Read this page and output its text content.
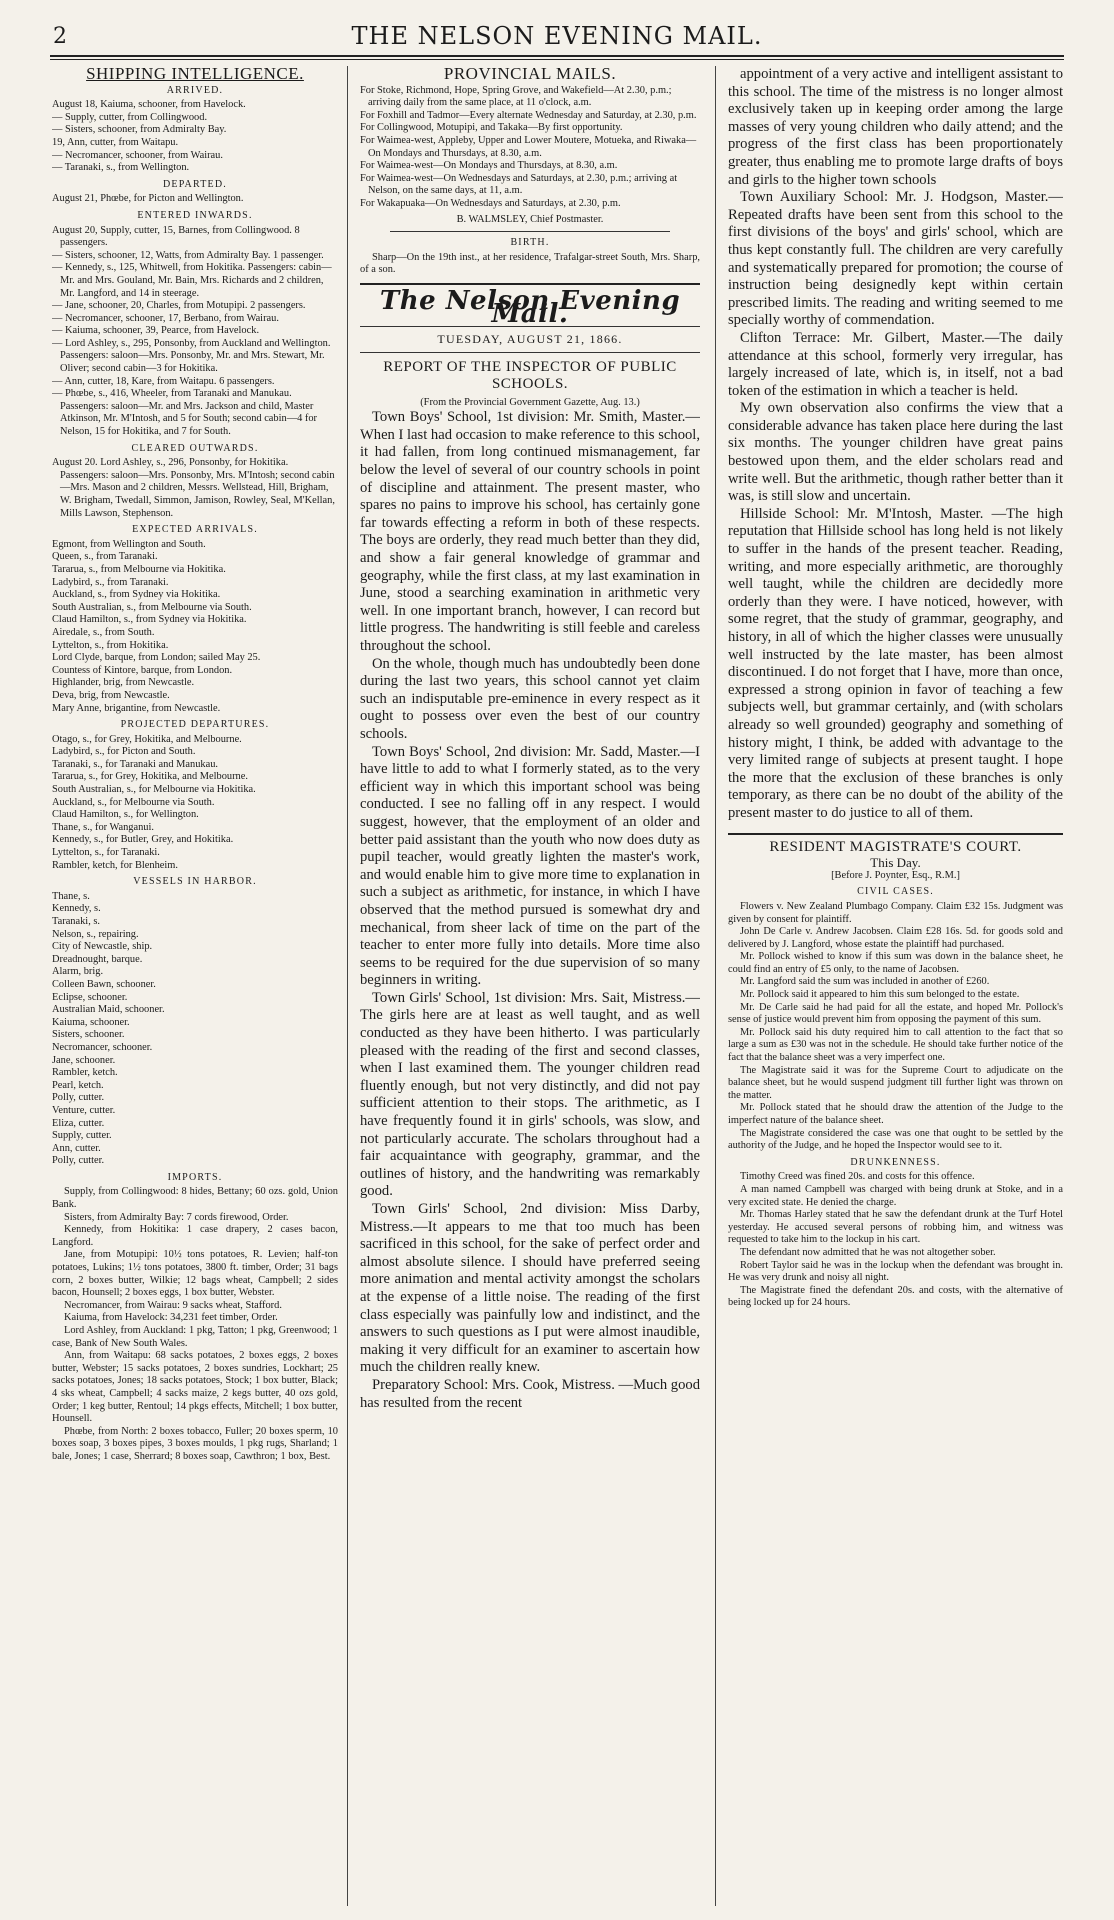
2	THE NELSON EVENING MAIL.
SHIPPING INTELLIGENCE.
ARRIVED.

August 18, Kaiuma, schooner, from Havelock.

— Supply, cutter, from Collingwood.

— Sisters, schooner, from Admiralty Bay.

19, Ann, cutter, from Waitapu.

— Necromancer, schooner, from Wairau.

— Taranaki, s., from Wellington.

DEPARTED.

August 21, Phœbe, for Picton and Wellington.

ENTERED INWARDS.

August 20, Supply, cutter, 15, Barnes, from Collingwood. 8 passengers.

— Sisters, schooner, 12, Watts, from Admiralty Bay. 1 passenger.

— Kennedy, s., 125, Whitwell, from Hokitika. Passengers: cabin—Mr. and Mrs. Gouland, Mr. Bain, Mrs. Richards and 2 children, Mr. Langford, and 14 in steerage.

— Jane, schooner, 20, Charles, from Motupipi. 2 passengers.

— Necromancer, schooner, 17, Berbano, from Wairau.

— Kaiuma, schooner, 39, Pearce, from Havelock.

— Lord Ashley, s., 295, Ponsonby, from Auckland and Wellington. Passengers: saloon—Mrs. Ponsonby, Mr. and Mrs. Stewart, Mr. Oliver; second cabin—3 for Hokitika.

— Ann, cutter, 18, Kare, from Waitapu. 6 passengers.

— Phœbe, s., 416, Wheeler, from Taranaki and Manukau. Passengers: saloon—Mr. and Mrs. Jackson and child, Master Atkinson, Mr. M'Intosh, and 5 for South; second cabin—4 for Nelson, 15 for Hokitika, and 7 for South.

CLEARED OUTWARDS.

August 20. Lord Ashley, s., 296, Ponsonby, for Hokitika. Passengers: saloon—Mrs. Ponsonby, Mrs. M'Intosh; second cabin—Mrs. Mason and 2 children, Messrs. Wellstead, Hill, Brigham, W. Brigham, Twedall, Simmon, Jamison, Rowley, Seal, M'Kellan, Mills Lawson, Stephenson.

EXPECTED ARRIVALS.

Egmont, from Wellington and South.

Queen, s., from Taranaki.

Tararua, s., from Melbourne via Hokitika.

Ladybird, s., from Taranaki.

Auckland, s., from Sydney via Hokitika.

South Australian, s., from Melbourne via South.

Claud Hamilton, s., from Sydney via Hokitika.

Airedale, s., from South.

Lyttelton, s., from Hokitika.

Lord Clyde, barque, from London; sailed May 25.

Countess of Kintore, barque, from London.

Highlander, brig, from Newcastle.

Deva, brig, from Newcastle.

Mary Anne, brigantine, from Newcastle.

PROJECTED DEPARTURES.

Otago, s., for Grey, Hokitika, and Melbourne.

Ladybird, s., for Picton and South.

Taranaki, s., for Taranaki and Manukau.

Tararua, s., for Grey, Hokitika, and Melbourne.

South Australian, s., for Melbourne via Hokitika.

Auckland, s., for Melbourne via South.

Claud Hamilton, s., for Wellington.

Thane, s., for Wanganui.

Kennedy, s., for Butler, Grey, and Hokitika.

Lyttelton, s., for Taranaki.

Rambler, ketch, for Blenheim.

VESSELS IN HARBOR.

Thane, s.

Kennedy, s.

Taranaki, s.

Nelson, s., repairing.

City of Newcastle, ship.

Dreadnought, barque.

Alarm, brig.

Colleen Bawn, schooner.

Eclipse, schooner.

Australian Maid, schooner.

Kaiuma, schooner.

Sisters, schooner.

Necromancer, schooner.

Jane, schooner.

Rambler, ketch.

Pearl, ketch.

Polly, cutter.

Venture, cutter.

Eliza, cutter.

Supply, cutter.

Ann, cutter.

Polly, cutter.

IMPORTS.

Supply, from Collingwood: 8 hides, Bettany; 60 ozs. gold, Union Bank.

Sisters, from Admiralty Bay: 7 cords firewood, Order.

Kennedy, from Hokitika: 1 case drapery, 2 cases bacon, Langford.

Jane, from Motupipi: 10½ tons potatoes, R. Levien; half-ton potatoes, Lukins; 1½ tons potatoes, 3800 ft. timber, Order; 31 bags corn, 2 boxes butter, Wilkie; 12 bags wheat, Campbell; 2 sides bacon, Hounsell; 2 boxes eggs, 1 box butter, Webster.

Necromancer, from Wairau: 9 sacks wheat, Stafford.

Kaiuma, from Havelock: 34,231 feet timber, Order.

Lord Ashley, from Auckland: 1 pkg, Tatton; 1 pkg, Greenwood; 1 case, Bank of New South Wales.

Ann, from Waitapu: 68 sacks potatoes, 2 boxes eggs, 2 boxes butter, Webster; 15 sacks potatoes, 2 boxes sundries, Lockhart; 25 sacks potatoes, Jones; 18 sacks potatoes, Stock; 1 box butter, Black; 4 sks wheat, Campbell; 4 sacks maize, 2 kegs butter, 40 ozs gold, Order; 1 keg butter, Rentoul; 14 pkgs effects, Mitchell; 1 box butter, Hounsell.

Phœbe, from North: 2 boxes tobacco, Fuller; 20 boxes sperm, 10 boxes soap, 3 boxes pipes, 3 boxes moulds, 1 pkg rugs, Sharland; 1 bale, Jones; 1 case, Sherrard; 8 boxes soap, Cawthron; 1 box, Best.

PROVINCIAL MAILS.

For Stoke, Richmond, Hope, Spring Grove, and Wakefield—At 2.30, p.m.; arriving daily from the same place, at 11 o'clock, a.m.

For Foxhill and Tadmor—Every alternate Wednesday and Saturday, at 2.30, p.m.

For Collingwood, Motupipi, and Takaka—By first opportunity.

For Waimea-west, Appleby, Upper and Lower Moutere, Motueka, and Riwaka—On Mondays and Thursdays, at 8.30, a.m.

For Waimea-west—On Mondays and Thursdays, at 8.30, a.m.

For Waimea-west—On Wednesdays and Saturdays, at 2.30, p.m.; arriving at Nelson, on the same days, at 11, a.m.

For Wakapuaka—On Wednesdays and Saturdays, at 2.30, p.m.

B. WALMSLEY, Chief Postmaster.

BIRTH.

Sharp—On the 19th inst., at her residence, Trafalgar-street South, Mrs. Sharp, of a son.

The Nelson Evening Mail.
TUESDAY, AUGUST 21, 1866.
REPORT OF THE INSPECTOR OF PUBLIC SCHOOLS.

(From the Provincial Government Gazette, Aug. 13.)

Town Boys' School, 1st division: Mr. Smith, Master.—When I last had occasion to make reference to this school, it had fallen, from long continued mismanagement, far below the level of several of our country schools in point of discipline and attainment. The present master, who spares no pains to improve his school, has certainly gone far towards effecting a reform in both of these respects. The boys are orderly, they read much better than they did, and show a fair general knowledge of grammar and geography, while the first class, at my last examination in June, stood a searching examination in arithmetic very well. In one important branch, however, I can record but little progress. The handwriting is still feeble and careless throughout the school.

On the whole, though much has undoubtedly been done during the last two years, this school cannot yet claim such an indisputable pre-eminence in every respect as it ought to possess over even the best of our country schools.

Town Boys' School, 2nd division: Mr. Sadd, Master.—I have little to add to what I formerly stated, as to the very efficient way in which this important school was being conducted. I see no falling off in any respect. I would suggest, however, that the employment of an older and better paid assistant than the youth who now does duty as pupil teacher, would greatly lighten the master's work, and would enable him to give more time to explanation in such a subject as arithmetic, for instance, in which I have observed that the method pursued is somewhat dry and mechanical, from sheer lack of time on the part of the teacher to enter more fully into details. More time also seems to be required for the due supervision of so many beginners in writing.

Town Girls' School, 1st division: Mrs. Sait, Mistress.—The girls here are at least as well taught, and as well conducted as they have been hitherto. I was particularly pleased with the reading of the first and second classes, when I last examined them. The younger children read fluently enough, but not very distinctly, and did not pay sufficient attention to their stops. The arithmetic, as I have frequently found it in girls' schools, was slow, and not particularly accurate. The scholars throughout had a fair acquaintance with geography, grammar, and the outlines of history, and the handwriting was remarkably good.

Town Girls' School, 2nd division: Miss Darby, Mistress.—It appears to me that too much has been sacrificed in this school, for the sake of perfect order and almost absolute silence. I should have preferred seeing more animation and mental activity amongst the scholars at the expense of a little noise. The reading of the first class especially was painfully low and indistinct, and the answers to such questions as I put were almost inaudible, making it very difficult for an examiner to ascertain how much the children really knew.

Preparatory School: Mrs. Cook, Mistress. —Much good has resulted from the recent

appointment of a very active and intelligent assistant to this school. The time of the mistress is no longer almost exclusively taken up in keeping order among the large masses of very young children who daily attend; and the progress of the first class has been proportionately greater, thus enabling me to promote large drafts of boys and girls to the higher town schools

Town Auxiliary School: Mr. J. Hodgson, Master.—Repeated drafts have been sent from this school to the first divisions of the boys' and girls' school, which are thus kept constantly full. The children are very carefully and systematically prepared for promotion; the course of instruction being designedly kept within certain prescribed limits. The reading and writing seemed to me specially worthy of commendation.

Clifton Terrace: Mr. Gilbert, Master.—The daily attendance at this school, formerly very irregular, has largely increased of late, which is, in itself, not a bad token of the estimation in which a teacher is held.

My own observation also confirms the view that a considerable advance has taken place here during the last six months. The younger children have great pains bestowed upon them, and the elder scholars read and write well. But the arithmetic, though rather better than it was, is still slow and uncertain.

Hillside School: Mr. M'Intosh, Master. —The high reputation that Hillside school has long held is not likely to suffer in the hands of the present teacher. Reading, writing, and more especially arithmetic, are thoroughly well taught, while the children are decidedly more orderly than they were. I have noticed, however, with some regret, that the study of grammar, geography, and history, in all of which the higher classes were unusually well instructed by the late master, has been almost discontinued. I do not forget that I have, more than once, expressed a strong opinion in favor of teaching a few subjects well, but grammar certainly, and (with scholars already so well grounded) geography and something of history might, I think, be added with advantage to the very limited range of subjects at present taught. I hope the more that the exclusion of these branches is only temporary, as there can be no doubt of the ability of the present master to do justice to all of them.

RESIDENT MAGISTRATE'S COURT.

This Day.

[Before J. Poynter, Esq., R.M.]

CIVIL CASES.

Flowers v. New Zealand Plumbago Company. Claim £32 15s. Judgment was given by consent for plaintiff.

John De Carle v. Andrew Jacobsen. Claim £28 16s. 5d. for goods sold and delivered by J. Langford, whose estate the plaintiff had purchased.

Mr. Pollock wished to know if this sum was down in the balance sheet, he could find an entry of £5 only, to the name of Jacobsen.

Mr. Langford said the sum was included in another of £260.

Mr. Pollock said it appeared to him this sum belonged to the estate.

Mr. De Carle said he had paid for all the estate, and hoped Mr. Pollock's sense of justice would prevent him from opposing the payment of this sum.

Mr. Pollock said his duty required him to call attention to the fact that so large a sum as £30 was not in the schedule. He should take further notice of the fact that the balance sheet was a very imperfect one.

The Magistrate said it was for the Supreme Court to adjudicate on the balance sheet, but he would suspend judgment till further light was thrown on the matter.

Mr. Pollock stated that he should draw the attention of the Judge to the imperfect nature of the balance sheet.

The Magistrate considered the case was one that ought to be settled by the authority of the Judge, and he hoped the Inspector would see to it.

DRUNKENNESS.

Timothy Creed was fined 20s. and costs for this offence.

A man named Campbell was charged with being drunk at Stoke, and in a very excited state. He denied the charge.

Mr. Thomas Harley stated that he saw the defendant drunk at the Turf Hotel yesterday. He accused several persons of robbing him, and witness was requested to take him to the lockup in his cart.

The defendant now admitted that he was not altogether sober.

Robert Taylor said he was in the lockup when the defendant was brought in. He was very drunk and noisy all night.

The Magistrate fined the defendant 20s. and costs, with the alternative of being locked up for 24 hours.
